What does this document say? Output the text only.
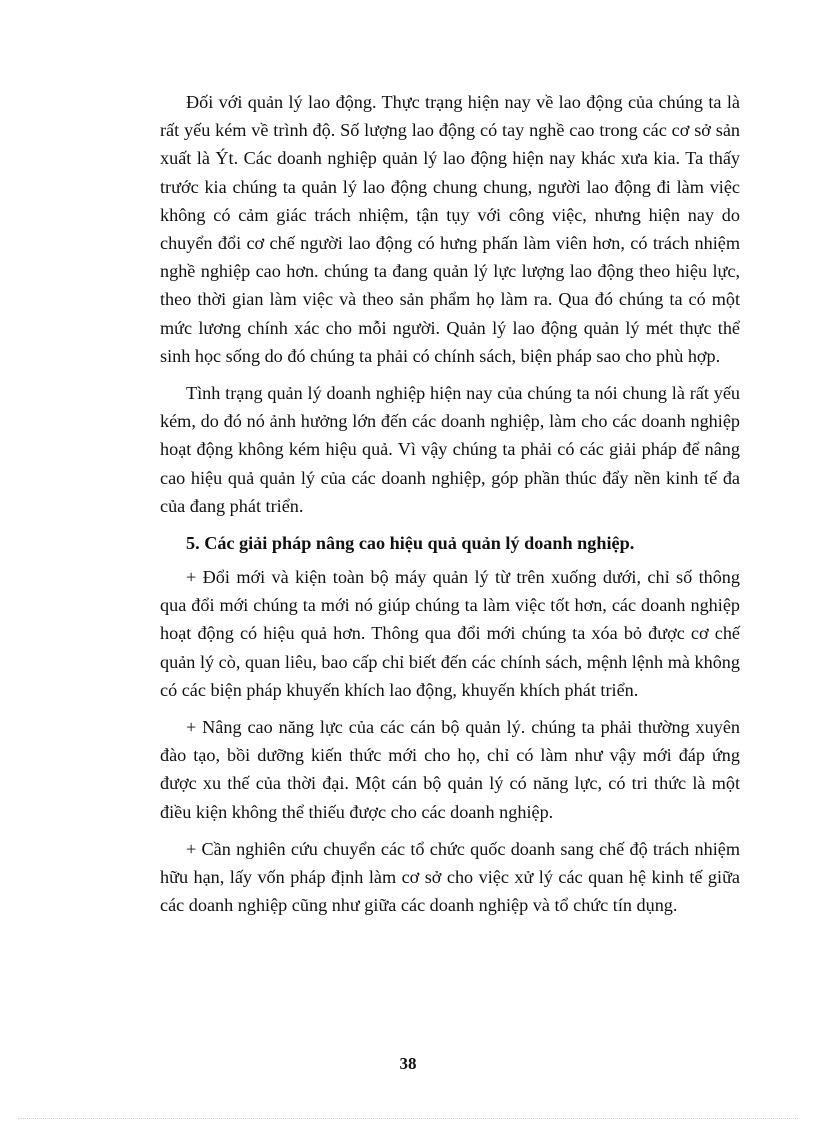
Đối với quản lý lao động. Thực trạng hiện nay về lao động của chúng ta là rất yếu kém về trình độ. Số lượng lao động có tay nghề cao trong các cơ sở sản xuất là Ýt. Các doanh nghiệp quản lý lao động hiện nay khác xưa kia. Ta thấy trước kia chúng ta quản lý lao động chung chung, người lao động đi làm việc không có cảm giác trách nhiệm, tận tụy với công việc, nhưng hiện nay do chuyển đổi cơ chế người lao động có hưng phấn làm viên hơn, có trách nhiệm nghề nghiệp cao hơn. chúng ta đang quản lý lực lượng lao động theo hiệu lực, theo thời gian làm việc và theo sản phẩm họ làm ra. Qua đó chúng ta có một mức lương chính xác cho mỗi người. Quản lý lao động quản lý mét thực thể sinh học sống do đó chúng ta phải có chính sách, biện pháp sao cho phù hợp.

Tình trạng quản lý doanh nghiệp hiện nay của chúng ta nói chung là rất yếu kém, do đó nó ảnh hưởng lớn đến các doanh nghiệp, làm cho các doanh nghiệp hoạt động không kém hiệu quả. Vì vậy chúng ta phải có các giải pháp để nâng cao hiệu quả quản lý của các doanh nghiệp, góp phần thúc đẩy nền kinh tế đa của đang phát triển.

5. Các giải pháp nâng cao hiệu quả quản lý doanh nghiệp.

+ Đổi mới và kiện toàn bộ máy quản lý từ trên xuống dưới, chỉ số thông qua đổi mới chúng ta mới nó giúp chúng ta làm việc tốt hơn, các doanh nghiệp hoạt động có hiệu quả hơn. Thông qua đổi mới chúng ta xóa bỏ được cơ chế quản lý cò, quan liêu, bao cấp chỉ biết đến các chính sách, mệnh lệnh mà không có các biện pháp khuyến khích lao động, khuyến khích phát triển.

+ Nâng cao năng lực của các cán bộ quản lý. chúng ta phải thường xuyên đào tạo, bồi dưỡng kiến thức mới cho họ, chỉ có làm như vậy mới đáp ứng được xu thế của thời đại. Một cán bộ quản lý có năng lực, có tri thức là một điều kiện không thể thiếu được cho các doanh nghiệp.

+ Cần nghiên cứu chuyển các tổ chức quốc doanh sang chế độ trách nhiệm hữu hạn, lấy vốn pháp định làm cơ sở cho việc xử lý các quan hệ kinh tế giữa các doanh nghiệp cũng như giữa các doanh nghiệp và tổ chức tín dụng.

38
